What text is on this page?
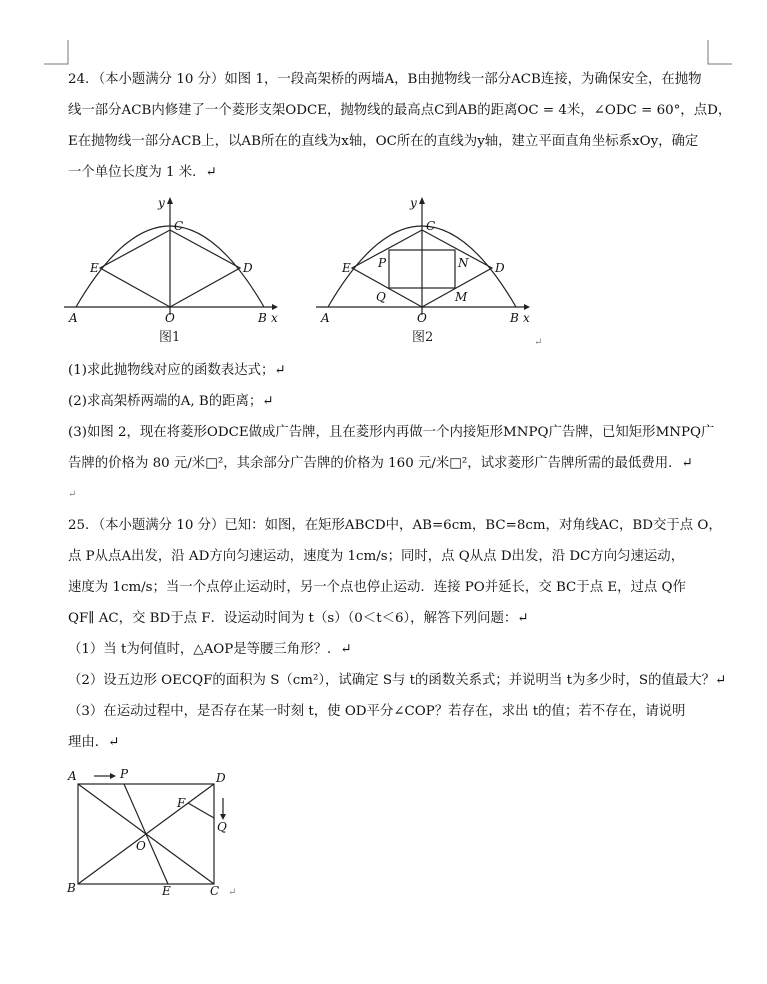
24．（本小题满分 10 分）如图 1，一段高架桥的两墙A，B由抛物线一部分ACB连接，为确保安全，在抛物
线一部分ACB内修建了一个菱形支架ODCE，抛物线的最高点C到AB的距离OC = 4米，∠ODC = 60°，点D，
E在抛物线一部分ACB上，以AB所在的直线为x轴，OC所在的直线为y轴，建立平面直角坐标系xOy，确定
一个单位长度为 1 米．↵
y
C
E	D
A	O	B x
图1
y
C
E	D
P	N
Q	M
A	O	B x
图2	↵
(1)求此抛物线对应的函数表达式；↵
(2)求高架桥两端的A, B的距离；↵
(3)如图 2，现在将菱形ODCE做成广告牌，且在菱形内再做一个内接矩形MNPQ广告牌，已知矩形MNPQ广
告牌的价格为 80 元/米□²，其余部分广告牌的价格为 160 元/米□²，试求菱形广告牌所需的最低费用．↵
↵
25．（本小题满分 10 分）已知：如图，在矩形ABCD中，AB=6cm，BC=8cm，对角线AC，BD交于点 O，
点 P从点A出发，沿 AD方向匀速运动，速度为 1cm/s；同时，点 Q从点 D出发，沿 DC方向匀速运动，
速度为 1cm/s；当一个点停止运动时，另一个点也停止运动．连接 PO并延长，交 BC于点 E，过点 Q作
QF∥ AC，交 BD于点 F．设运动时间为 t（s）（0＜t＜6），解答下列问题：↵
（1）当 t为何值时，△AOP是等腰三角形？．↵
（2）设五边形 OECQF的面积为 S（cm²），试确定 S与 t的函数关系式；并说明当 t为多少时，S的值最大？↵
（3）在运动过程中，是否存在某一时刻 t，使 OD平分∠COP？若存在，求出 t的值；若不存在，请说明
理由．↵
A	P	D
F
Q
O
B	E	C ↵
